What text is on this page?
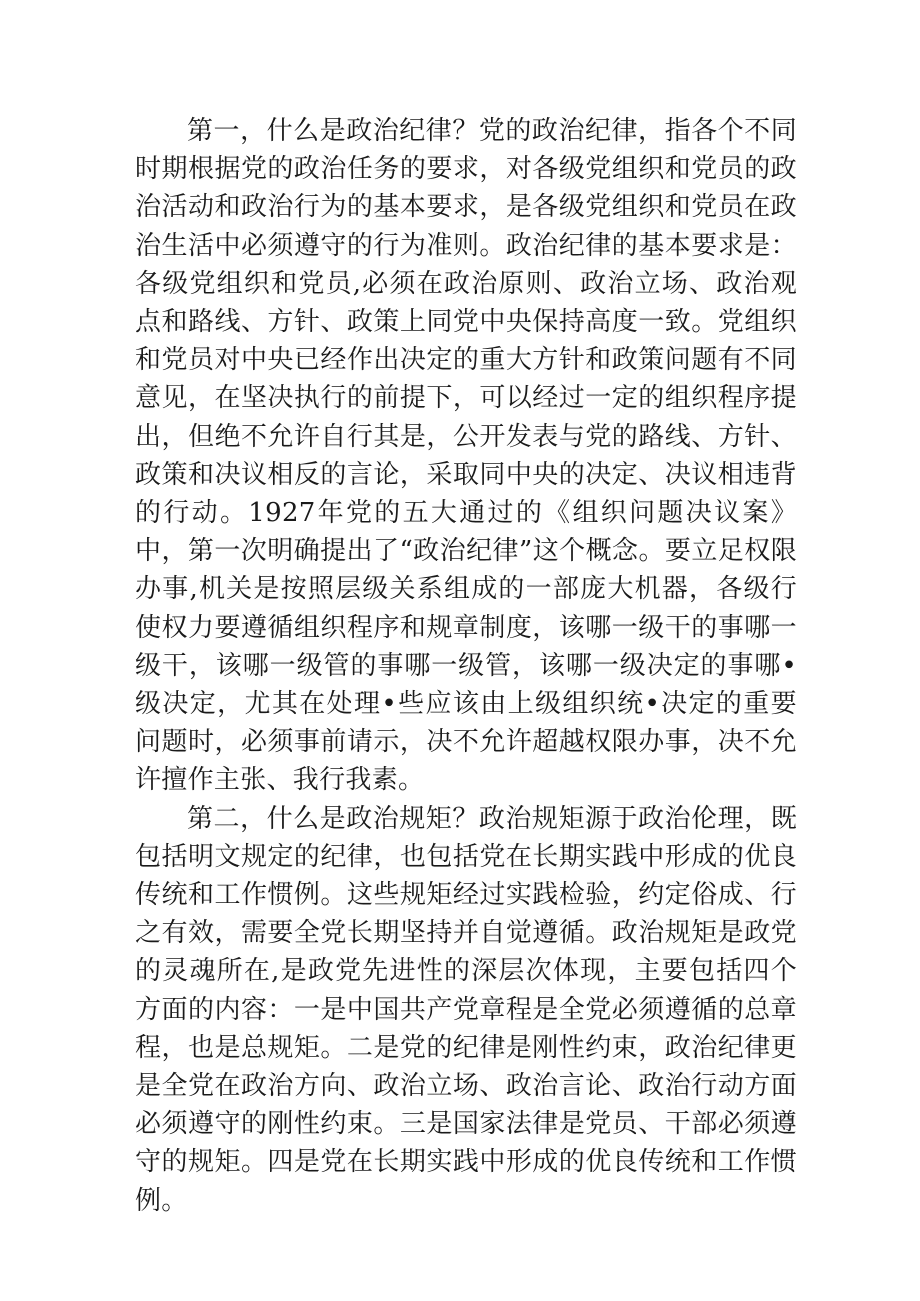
第一，什么是政治纪律？党的政治纪律，指各个不同时期根据党的政治任务的要求，对各级党组织和党员的政治活动和政治行为的基本要求，是各级党组织和党员在政治生活中必须遵守的行为准则。政治纪律的基本要求是：各级党组织和党员,必须在政治原则、政治立场、政治观点和路线、方针、政策上同党中央保持高度一致。党组织和党员对中央已经作出决定的重大方针和政策问题有不同意见，在坚决执行的前提下，可以经过一定的组织程序提出，但绝不允许自行其是，公开发表与党的路线、方针、政策和决议相反的言论，采取同中央的决定、决议相违背的行动。1927年党的五大通过的《组织问题决议案》中，第一次明确提出了“政治纪律”这个概念。要立足权限办事,机关是按照层级关系组成的一部庞大机器，各级行使权力要遵循组织程序和规章制度，该哪一级干的事哪一级干，该哪一级管的事哪一级管，该哪一级决定的事哪•级决定，尤其在处理•些应该由上级组织统•决定的重要问题时，必须事前请示，决不允许超越权限办事，决不允许擅作主张、我行我素。

第二，什么是政治规矩？政治规矩源于政治伦理，既包括明文规定的纪律，也包括党在长期实践中形成的优良传统和工作惯例。这些规矩经过实践检验，约定俗成、行之有效，需要全党长期坚持并自觉遵循。政治规矩是政党的灵魂所在,是政党先进性的深层次体现，主要包括四个方面的内容：一是中国共产党章程是全党必须遵循的总章程，也是总规矩。二是党的纪律是刚性约束，政治纪律更是全党在政治方向、政治立场、政治言论、政治行动方面必须遵守的刚性约束。三是国家法律是党员、干部必须遵守的规矩。四是党在长期实践中形成的优良传统和工作惯例。
